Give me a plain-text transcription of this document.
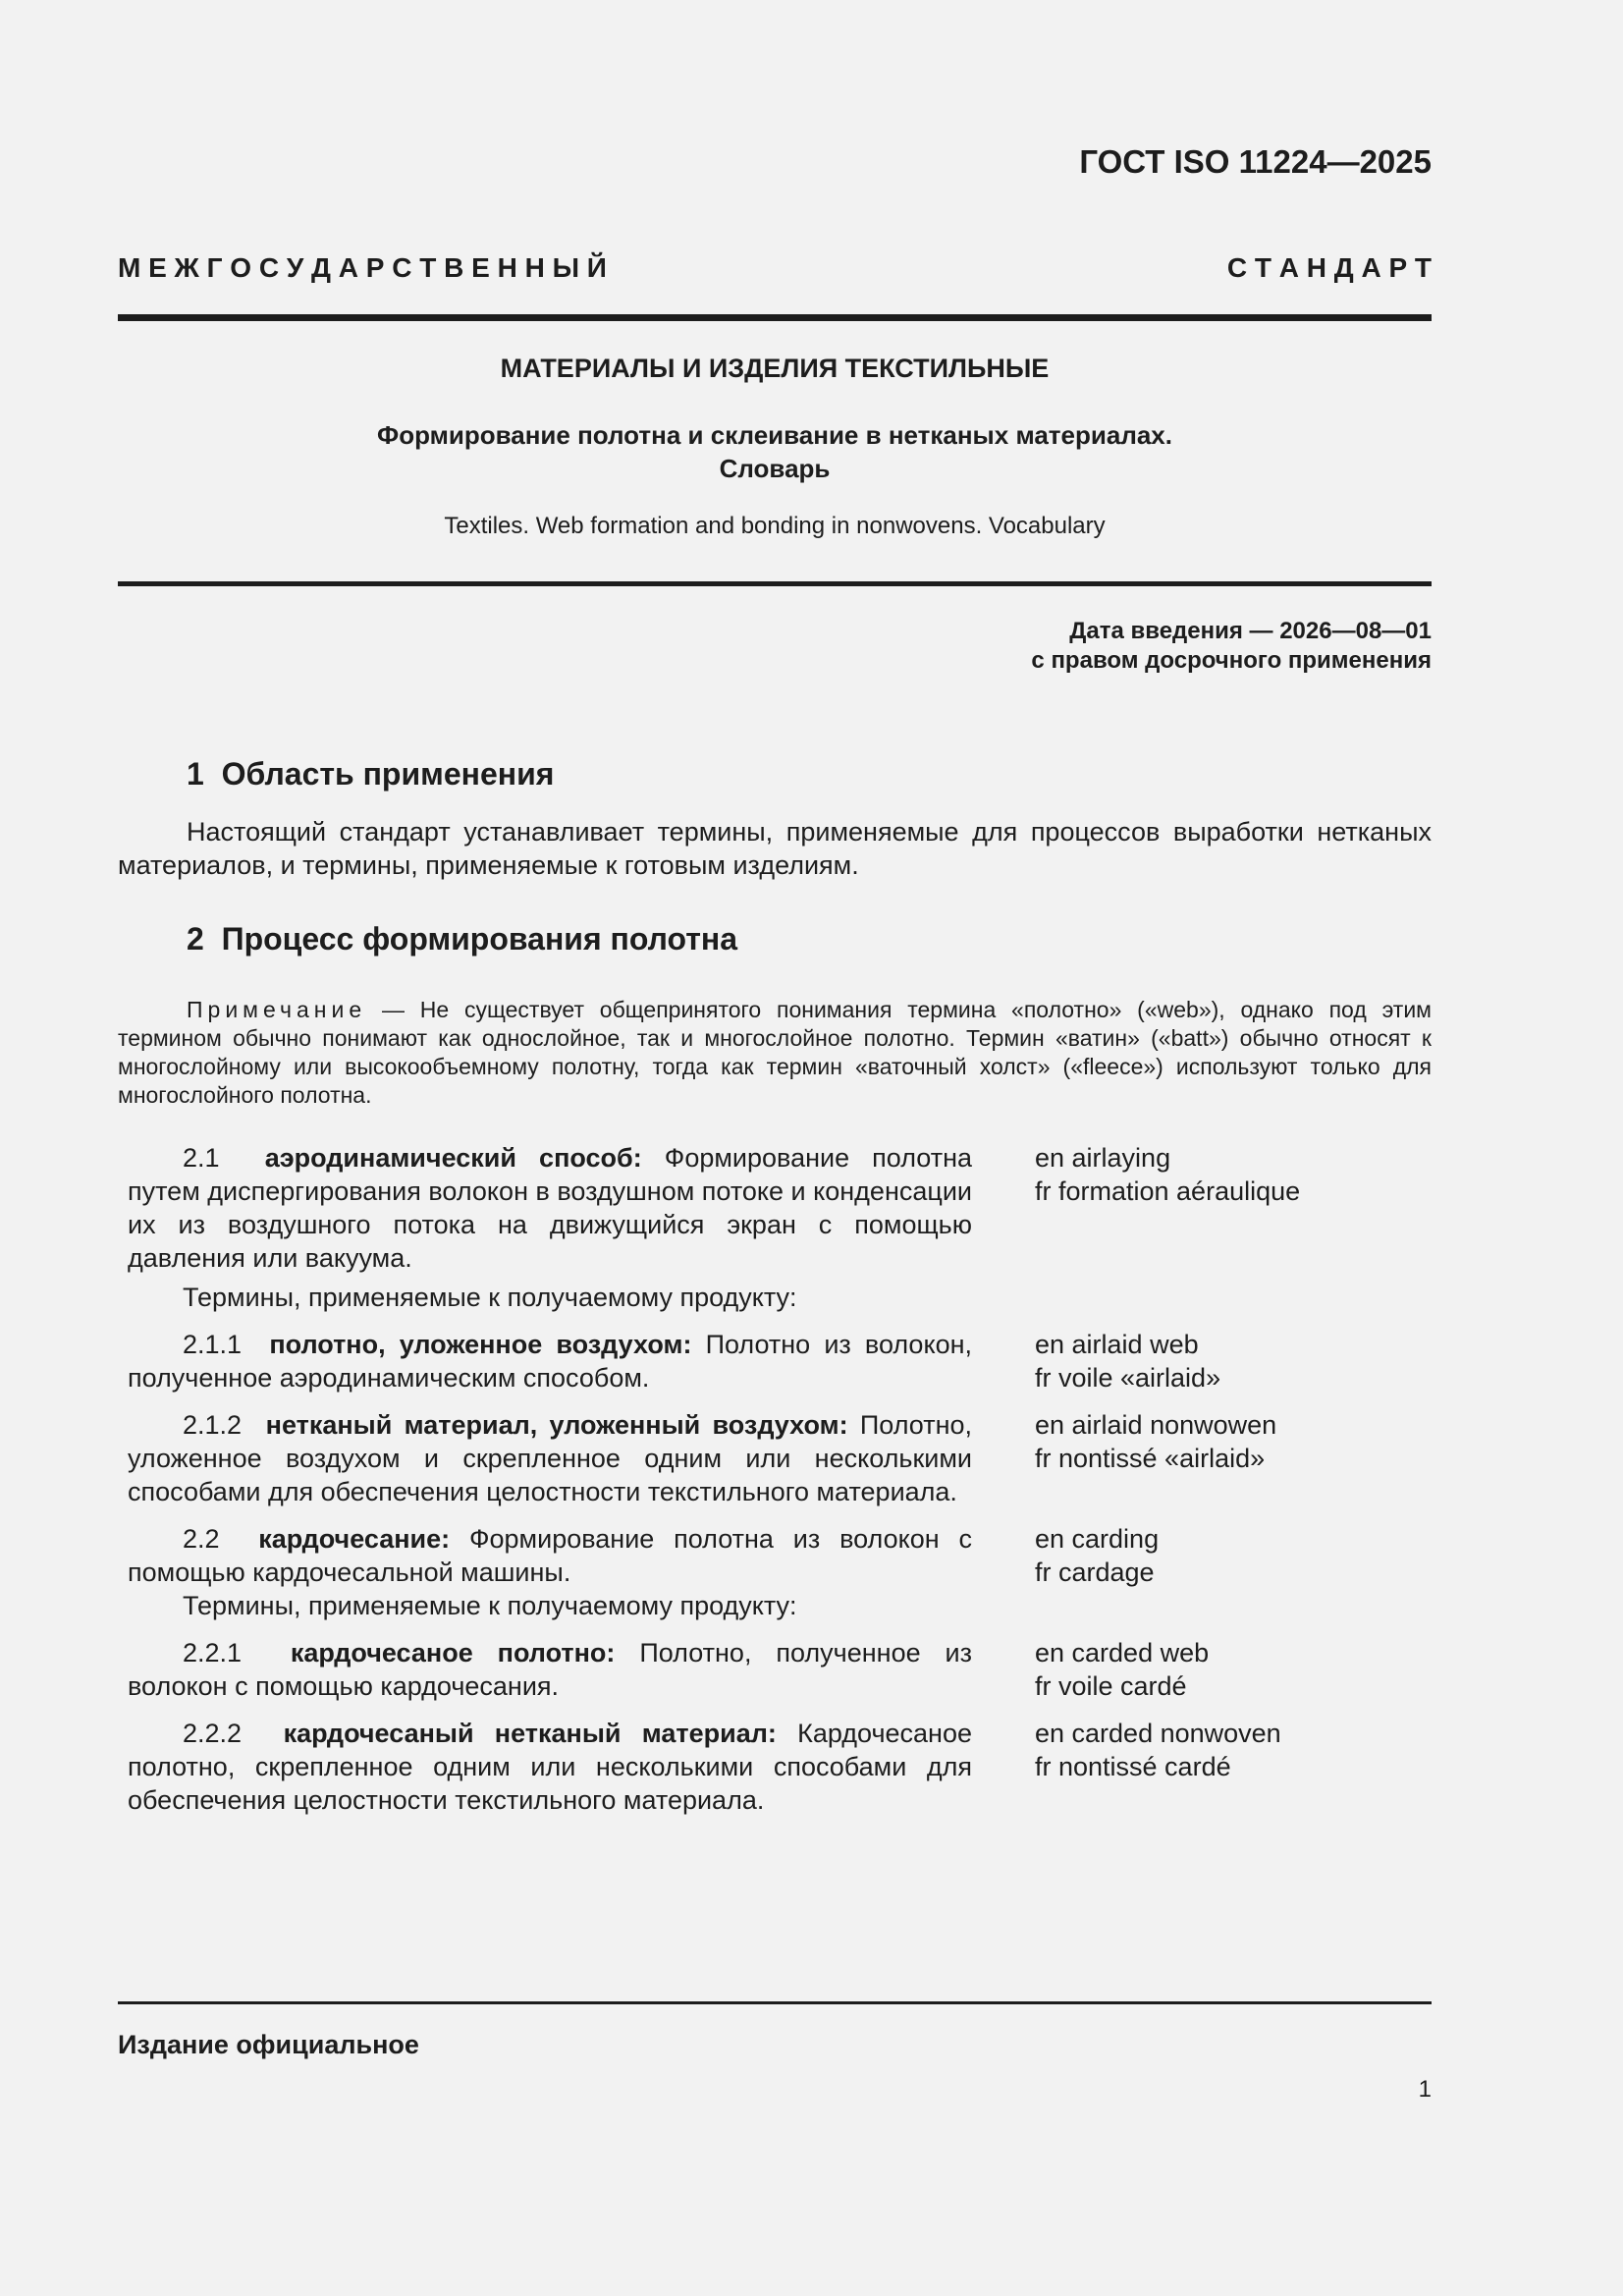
ГОСТ ISO 11224—2025
М Е Ж Г О С У Д А Р С Т В Е Н Н Ы Й	С Т А Н Д А Р Т
МАТЕРИАЛЫ И ИЗДЕЛИЯ ТЕКСТИЛЬНЫЕ
Формирование полотна и склеивание в нетканых материалах.
Словарь
Textiles. Web formation and bonding in nonwovens. Vocabulary
Дата введения — 2026—08—01
с правом досрочного применения
1  Область применения
Настоящий стандарт устанавливает термины, применяемые для процессов выработки нетканых материалов, и термины, применяемые к готовым изделиям.
2  Процесс формирования полотна
Примечание — Не существует общепринятого понимания термина «полотно» («web»), однако под этим термином обычно понимают как однослойное, так и многослойное полотно. Термин «ватин» («batt») обычно относят к многослойному или высокообъемному полотну, тогда как термин «ваточный холст» («fleece») используют только для многослойного полотна.
2.1 аэродинамический способ: Формирование полотна путем диспергирования волокон в воздушном потоке и конденсации их из воздушного потока на движущийся экран с помощью давления или вакуума.
en airlaying
fr formation aéraulique
Термины, применяемые к получаемому продукту:
2.1.1 полотно, уложенное воздухом: Полотно из волокон, полученное аэродинамическим способом.
en airlaid web
fr voile «airlaid»
2.1.2 нетканый материал, уложенный воздухом: Полотно, уложенное воздухом и скрепленное одним или несколькими способами для обеспечения целостности текстильного материала.
en airlaid nonwowen
fr nontissé «airlaid»
2.2 кардочесание: Формирование полотна из волокон с помощью кардочесальной машины.
en carding
fr cardage
Термины, применяемые к получаемому продукту:
2.2.1 кардочесаное полотно: Полотно, полученное из волокон с помощью кардочесания.
en carded web
fr voile cardé
2.2.2 кардочесаный нетканый материал: Кардочесаное полотно, скрепленное одним или несколькими способами для обеспечения целостности текстильного материала.
en carded nonwoven
fr nontissé cardé
Издание официальное
1
